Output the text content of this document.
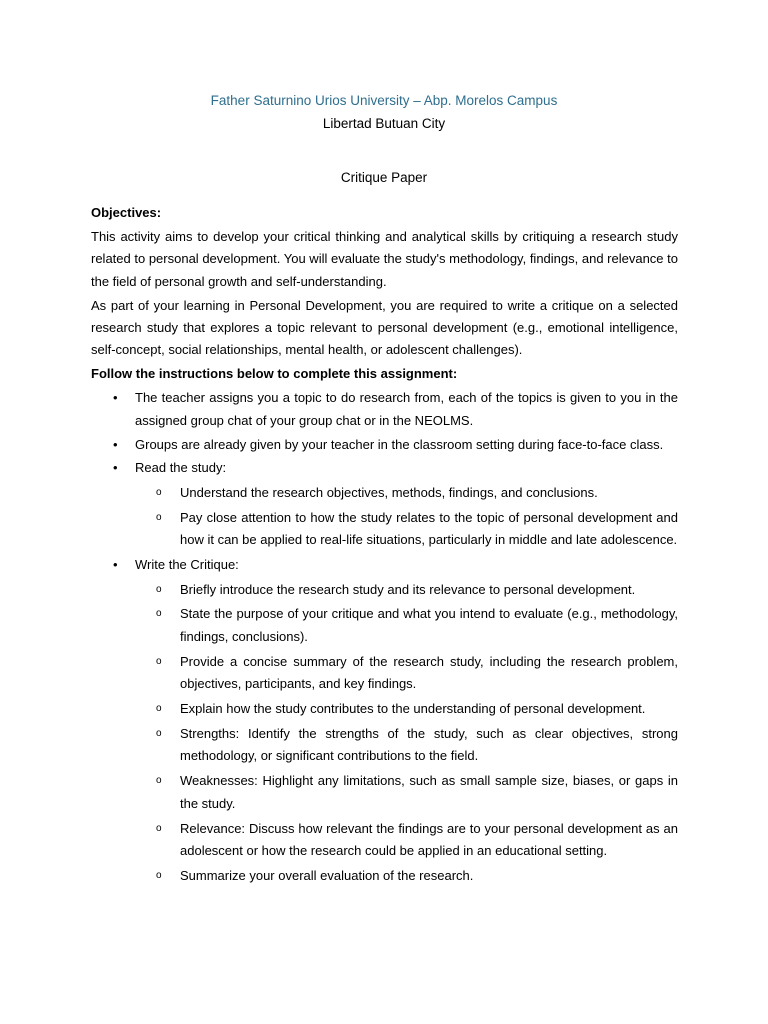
Father Saturnino Urios University – Abp. Morelos Campus
Libertad Butuan City
Critique Paper
Objectives:
This activity aims to develop your critical thinking and analytical skills by critiquing a research study related to personal development. You will evaluate the study's methodology, findings, and relevance to the field of personal growth and self-understanding.
As part of your learning in Personal Development, you are required to write a critique on a selected research study that explores a topic relevant to personal development (e.g., emotional intelligence, self-concept, social relationships, mental health, or adolescent challenges).
Follow the instructions below to complete this assignment:
• The teacher assigns you a topic to do research from, each of the topics is given to you in the assigned group chat of your group chat or in the NEOLMS.
• Groups are already given by your teacher in the classroom setting during face-to-face class.
• Read the study:
o Understand the research objectives, methods, findings, and conclusions.
o Pay close attention to how the study relates to the topic of personal development and how it can be applied to real-life situations, particularly in middle and late adolescence.
• Write the Critique:
o Briefly introduce the research study and its relevance to personal development.
o State the purpose of your critique and what you intend to evaluate (e.g., methodology, findings, conclusions).
o Provide a concise summary of the research study, including the research problem, objectives, participants, and key findings.
o Explain how the study contributes to the understanding of personal development.
o Strengths: Identify the strengths of the study, such as clear objectives, strong methodology, or significant contributions to the field.
o Weaknesses: Highlight any limitations, such as small sample size, biases, or gaps in the study.
o Relevance: Discuss how relevant the findings are to your personal development as an adolescent or how the research could be applied in an educational setting.
o Summarize your overall evaluation of the research.
